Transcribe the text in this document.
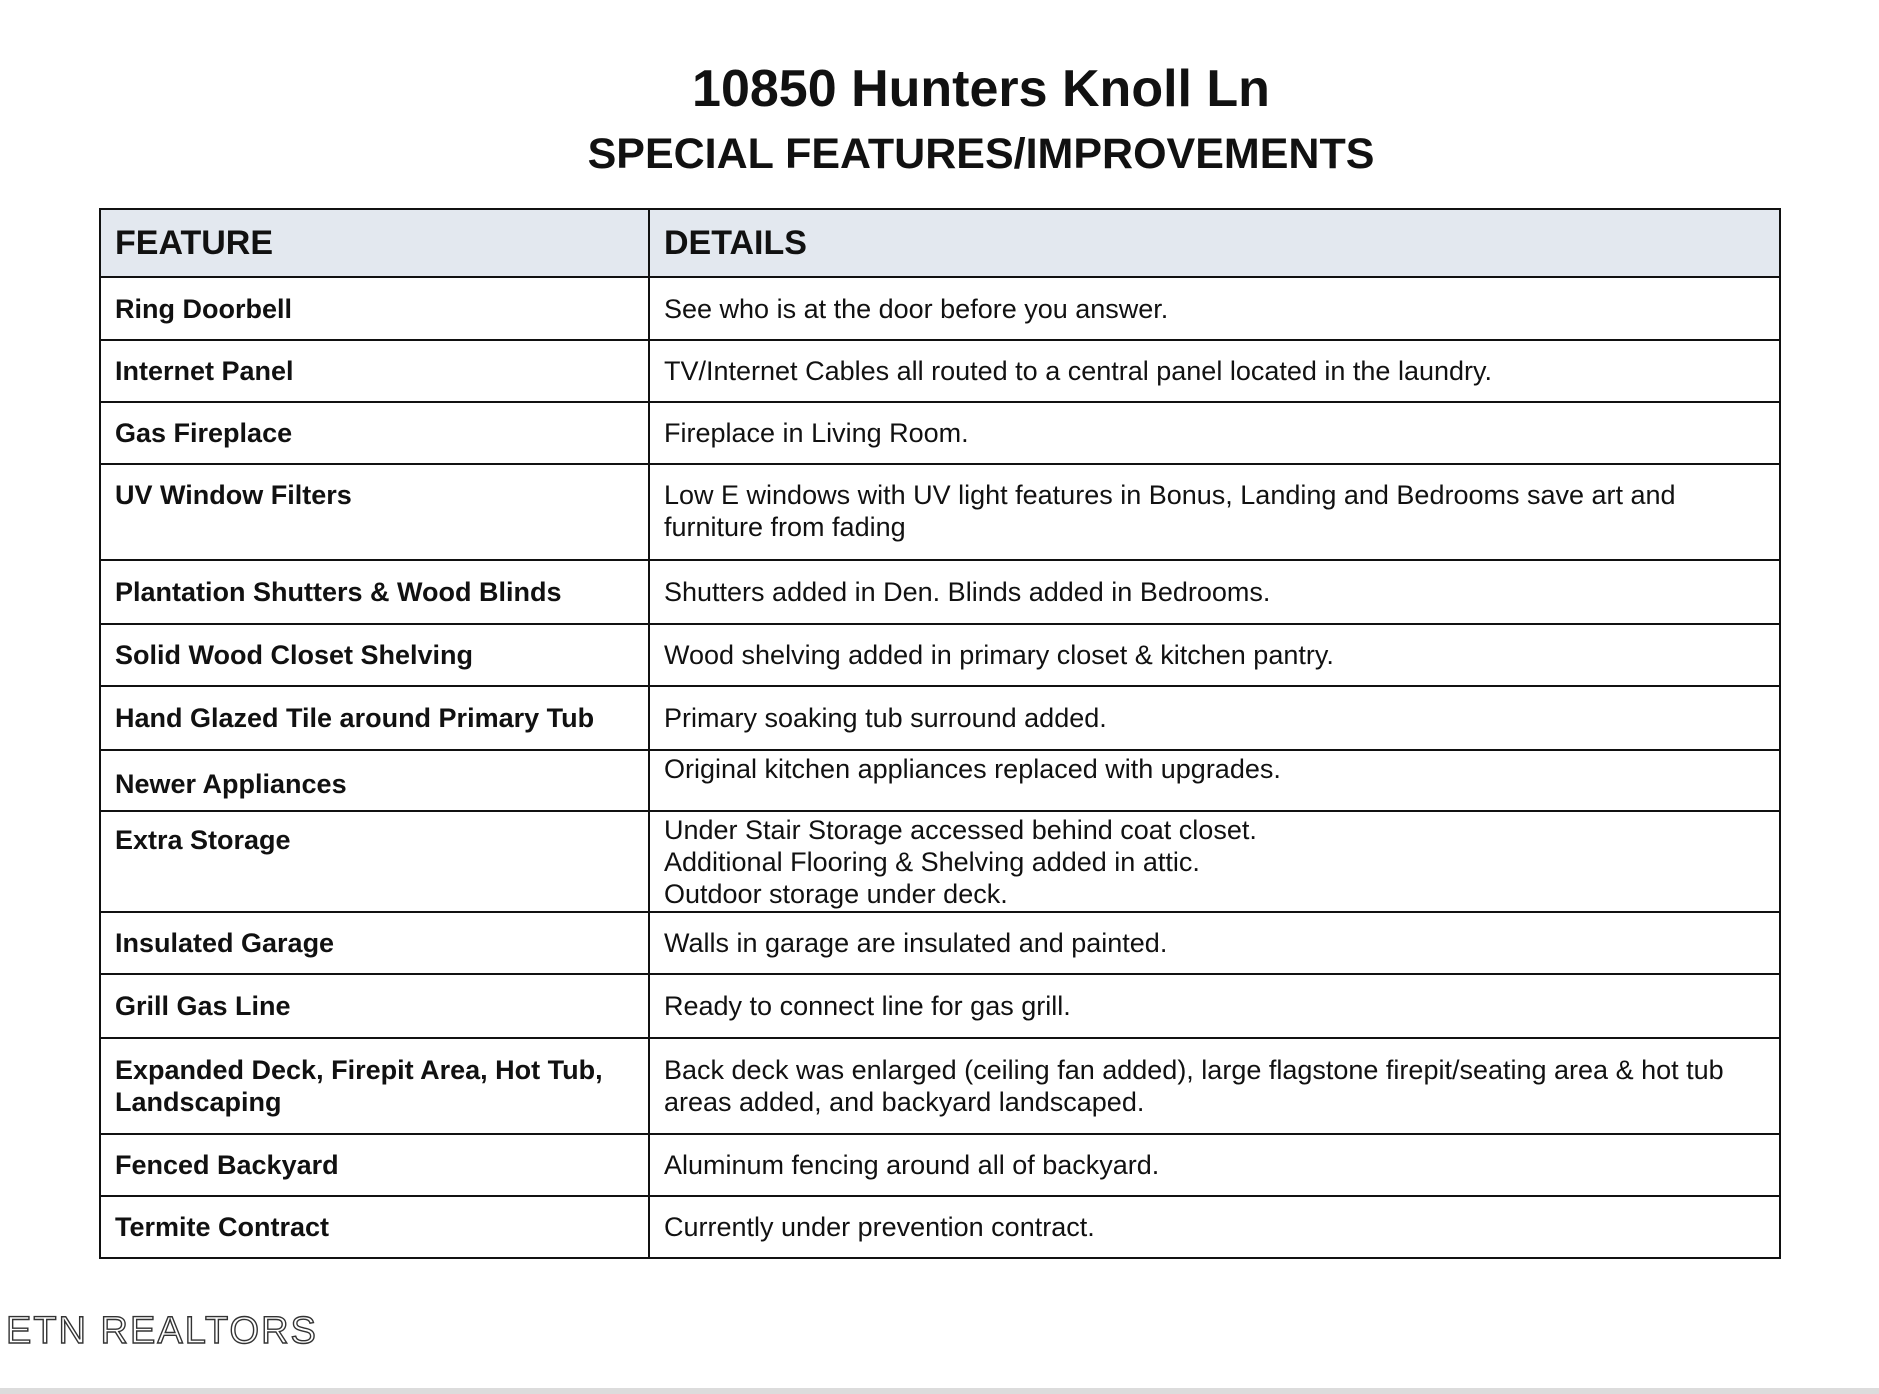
10850 Hunters Knoll Ln
SPECIAL FEATURES/IMPROVEMENTS
FEATURE	DETAILS
Ring Doorbell	See who is at the door before you answer.
Internet Panel	TV/Internet Cables all routed to a central panel located in the laundry.
Gas Fireplace	Fireplace in Living Room.
UV Window Filters	Low E windows with UV light features in Bonus, Landing and Bedrooms save art and furniture from fading
Plantation Shutters & Wood Blinds	Shutters added in Den. Blinds added in Bedrooms.
Solid Wood Closet Shelving	Wood shelving added in primary closet & kitchen pantry.
Hand Glazed Tile around Primary Tub	Primary soaking tub surround added.
Newer Appliances	Original kitchen appliances replaced with upgrades.
Extra Storage	Under Stair Storage accessed behind coat closet.
Additional Flooring & Shelving added in attic.
Outdoor storage under deck.
Insulated Garage	Walls in garage are insulated and painted.
Grill Gas Line	Ready to connect line for gas grill.
Expanded Deck, Firepit Area, Hot Tub, Landscaping	Back deck was enlarged (ceiling fan added), large flagstone firepit/seating area & hot tub areas added, and backyard landscaped.
Fenced Backyard	Aluminum fencing around all of backyard.
Termite Contract	Currently under prevention contract.
ETN REALTORS
